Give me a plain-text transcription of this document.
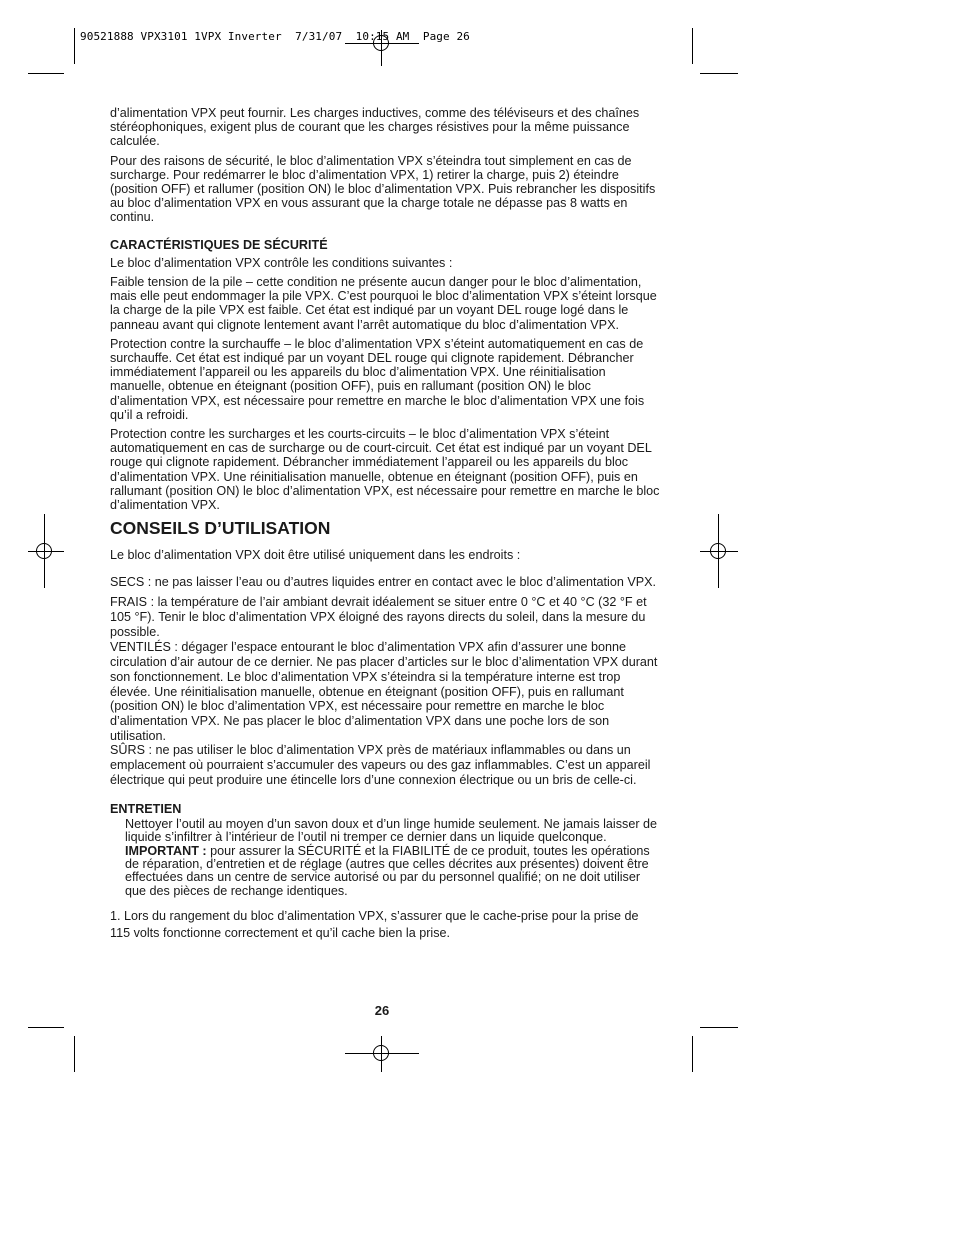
90521888 VPX3101 1VPX Inverter  7/31/07  10:15 AM  Page 26

d’alimentation VPX peut fournir. Les charges inductives, comme des téléviseurs et des chaînes stéréophoniques, exigent plus de courant que les charges résistives pour la même puissance calculée.

Pour des raisons de sécurité, le bloc d’alimentation VPX s’éteindra tout simplement en cas de surcharge. Pour redémarrer le bloc d’alimentation VPX, 1) retirer la charge, puis 2) éteindre (position OFF) et rallumer (position ON) le bloc d’alimentation VPX. Puis rebrancher les dispositifs au bloc d’alimentation VPX en vous assurant que la charge totale ne dépasse pas 8 watts en continu.

CARACTÉRISTIQUES DE SÉCURITÉ

Le bloc d’alimentation VPX contrôle les conditions suivantes :

Faible tension de la pile – cette condition ne présente aucun danger pour le bloc d’alimentation, mais elle peut endommager la pile VPX. C’est pourquoi le bloc d’alimentation VPX s’éteint lorsque la charge de la pile VPX est faible. Cet état est indiqué par un voyant DEL rouge logé dans le panneau avant qui clignote lentement avant l’arrêt automatique du bloc d’alimentation VPX.

Protection contre la surchauffe – le bloc d’alimentation VPX s’éteint automatiquement en cas de surchauffe. Cet état est indiqué par un voyant DEL rouge qui clignote rapidement. Débrancher immédiatement l’appareil ou les appareils du bloc d’alimentation VPX. Une réinitialisation manuelle, obtenue en éteignant (position OFF), puis en rallumant (position ON) le bloc d’alimentation VPX, est nécessaire pour remettre en marche le bloc d’alimentation VPX une fois qu’il a refroidi.

Protection contre les surcharges et les courts-circuits – le bloc d’alimentation VPX s’éteint automatiquement en cas de surcharge ou de court-circuit. Cet état est indiqué par un voyant DEL rouge qui clignote rapidement. Débrancher immédiatement l’appareil ou les appareils du bloc d’alimentation VPX. Une réinitialisation manuelle, obtenue en éteignant (position OFF), puis en rallumant (position ON) le bloc d’alimentation VPX, est nécessaire pour remettre en marche le bloc d’alimentation VPX.

CONSEILS D’UTILISATION

Le bloc d’alimentation VPX doit être utilisé uniquement dans les endroits :

SECS : ne pas laisser l’eau ou d’autres liquides entrer en contact avec le bloc d’alimentation VPX.

FRAIS : la température de l’air ambiant devrait idéalement se situer entre 0 °C et 40 °C (32 °F et 105 °F). Tenir le bloc d’alimentation VPX éloigné des rayons directs du soleil, dans la mesure du possible.

VENTILÉS : dégager l’espace entourant le bloc d’alimentation VPX afin d’assurer une bonne circulation d’air autour de ce dernier. Ne pas placer d’articles sur le bloc d’alimentation VPX durant son fonctionnement. Le bloc d’alimentation VPX s’éteindra si la température interne est trop élevée. Une réinitialisation manuelle, obtenue en éteignant (position OFF), puis en rallumant (position ON) le bloc d’alimentation VPX, est nécessaire pour remettre en marche le bloc d’alimentation VPX. Ne pas placer le bloc d’alimentation VPX dans une poche lors de son utilisation.

SÛRS : ne pas utiliser le bloc d’alimentation VPX près de matériaux inflammables ou dans un emplacement où pourraient s’accumuler des vapeurs ou des gaz inflammables. C’est un appareil électrique qui peut produire une étincelle lors d’une connexion électrique ou un bris de celle-ci.

ENTRETIEN

Nettoyer l’outil au moyen d’un savon doux et d’un linge humide seulement. Ne jamais laisser de liquide s’infiltrer à l’intérieur de l’outil ni tremper ce dernier dans un liquide quelconque.

IMPORTANT : pour assurer la SÉCURITÉ et la FIABILITÉ de ce produit, toutes les opérations de réparation, d’entretien et de réglage (autres que celles décrites aux présentes) doivent être effectuées dans un centre de service autorisé ou par du personnel qualifié; on ne doit utiliser que des pièces de rechange identiques.

1. Lors du rangement du bloc d’alimentation VPX, s’assurer que le cache-prise pour la prise de 115 volts fonctionne correctement et qu’il cache bien la prise.

26
